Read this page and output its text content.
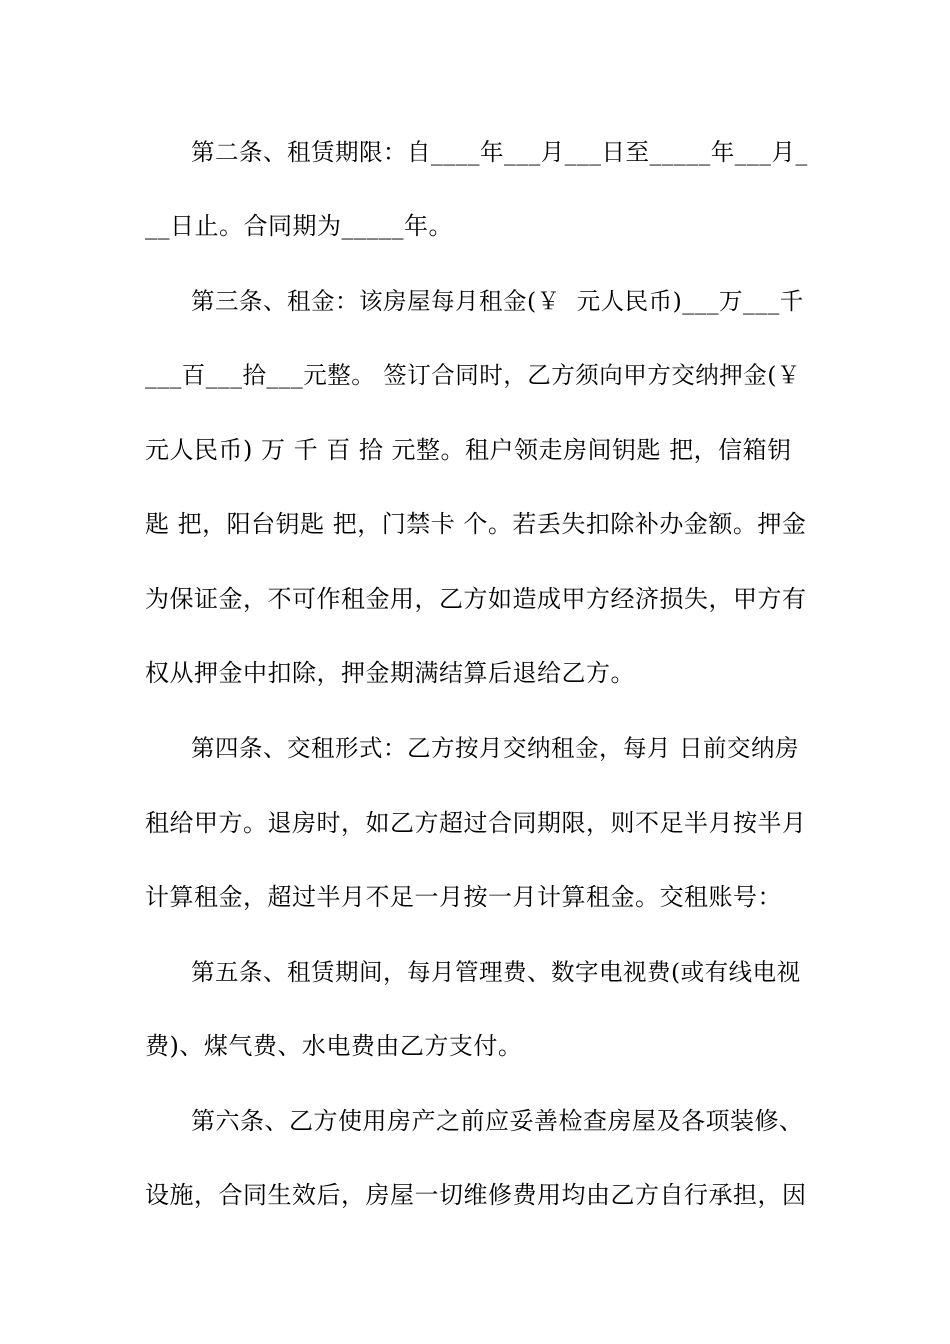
第二条、租赁期限：自____年___月___日至_____年___月_
__日止。合同期为_____年。
第三条、租金：该房屋每月租金(￥  元人民币)___万___千
___百___拾___元整。 签订合同时，乙方须向甲方交纳押金(￥
元人民币) 万 千 百 拾 元整。租户领走房间钥匙 把，信箱钥
匙 把，阳台钥匙 把，门禁卡 个。若丢失扣除补办金额。押金
为保证金，不可作租金用，乙方如造成甲方经济损失，甲方有
权从押金中扣除，押金期满结算后退给乙方。
第四条、交租形式：乙方按月交纳租金，每月 日前交纳房
租给甲方。退房时，如乙方超过合同期限，则不足半月按半月
计算租金，超过半月不足一月按一月计算租金。交租账号：
第五条、租赁期间，每月管理费、数字电视费(或有线电视
费)、煤气费、水电费由乙方支付。
第六条、乙方使用房产之前应妥善检查房屋及各项装修、
设施，合同生效后，房屋一切维修费用均由乙方自行承担，因
